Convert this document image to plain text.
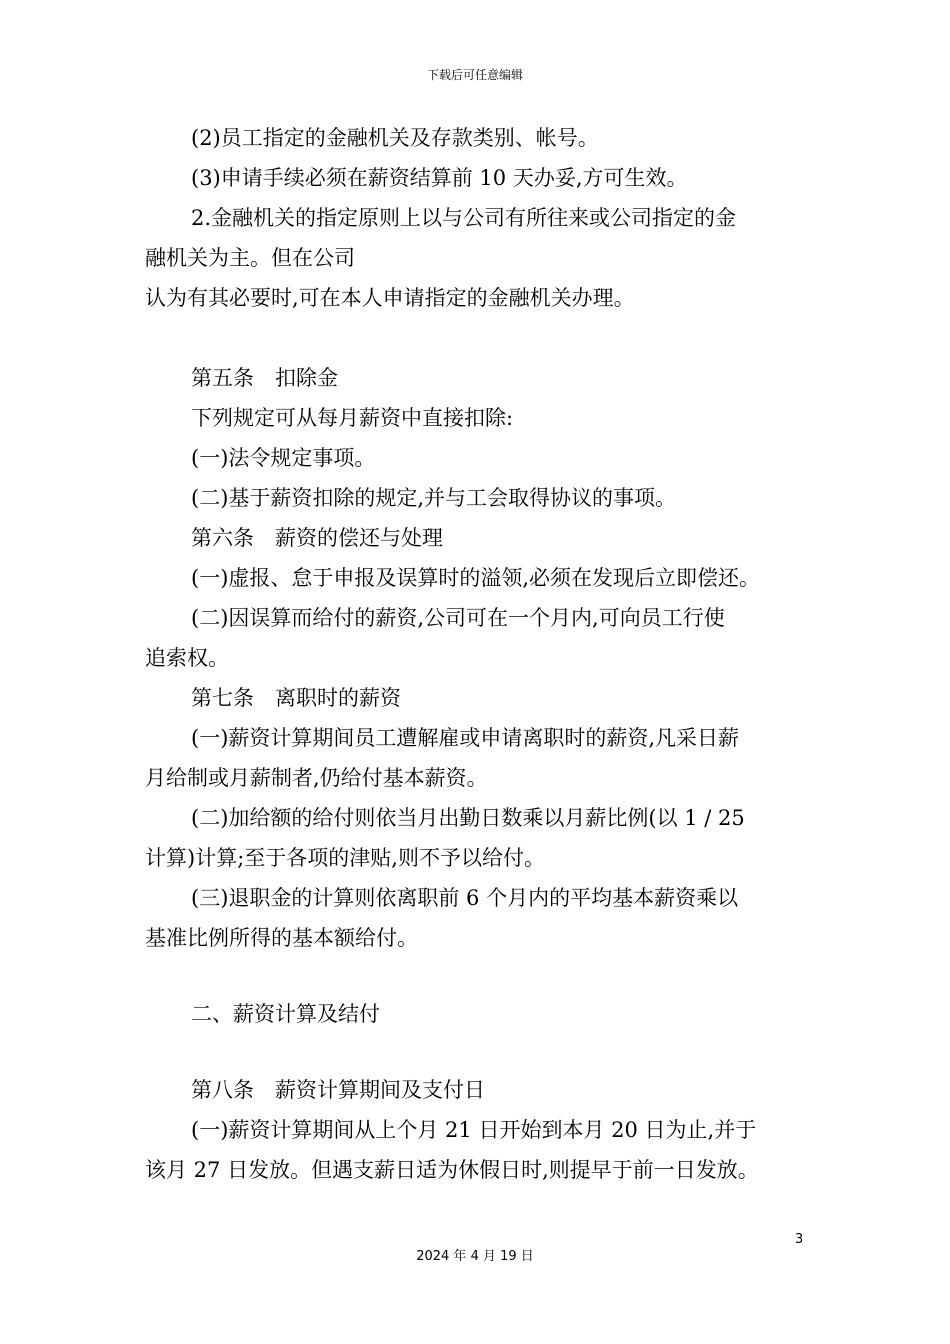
下载后可任意编辑
(2)员工指定的金融机关及存款类别、帐号。
(3)申请手续必须在薪资结算前 10 天办妥,方可生效。
2.金融机关的指定原则上以与公司有所往来或公司指定的金
融机关为主。但在公司
认为有其必要时,可在本人申请指定的金融机关办理。
第五条　扣除金
下列规定可从每月薪资中直接扣除:
(一)法令规定事项。
(二)基于薪资扣除的规定,并与工会取得协议的事项。
第六条　薪资的偿还与处理
(一)虚报、怠于申报及误算时的溢领,必须在发现后立即偿还。
(二)因误算而给付的薪资,公司可在一个月内,可向员工行使
追索权。
第七条　离职时的薪资
(一)薪资计算期间员工遭解雇或申请离职时的薪资,凡采日薪
月给制或月薪制者,仍给付基本薪资。
(二)加给额的给付则依当月出勤日数乘以月薪比例(以 1 / 25
计算)计算;至于各项的津贴,则不予以给付。
(三)退职金的计算则依离职前 6 个月内的平均基本薪资乘以
基准比例所得的基本额给付。
二、薪资计算及结付
第八条　薪资计算期间及支付日
(一)薪资计算期间从上个月 21 日开始到本月 20 日为止,并于
该月 27 日发放。但遇支薪日适为休假日时,则提早于前一日发放。
3
2024 年 4 月 19 日
